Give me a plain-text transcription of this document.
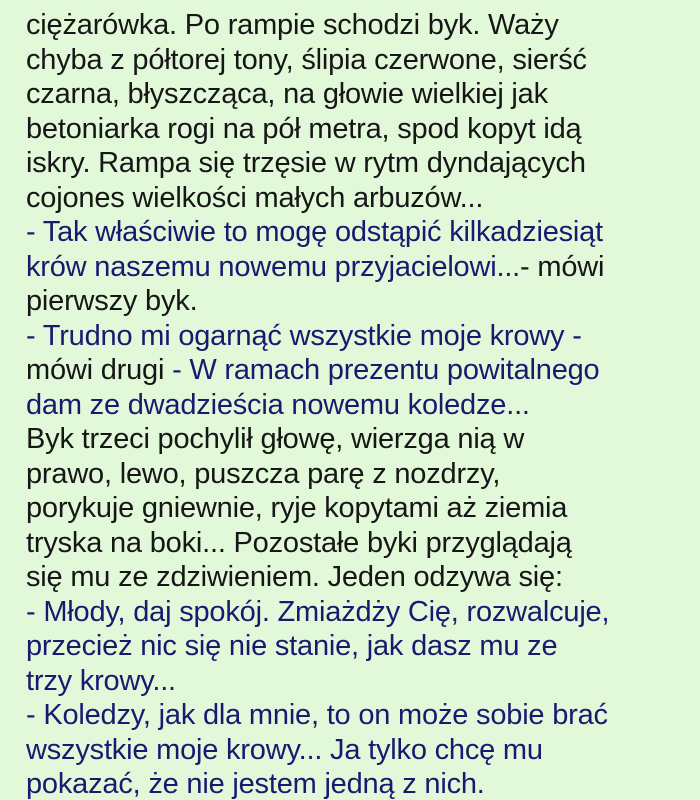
ciężarówka. Po rampie schodzi byk. Waży
chyba z półtorej tony, ślipia czerwone, sierść
czarna, błyszcząca, na głowie wielkiej jak
betoniarka rogi na pół metra, spod kopyt idą
iskry. Rampa się trzęsie w rytm dyndających
cojones wielkości małych arbuzów...
- Tak właściwie to mogę odstąpić kilkadziesiąt
krów naszemu nowemu przyjacielowi...- mówi
pierwszy byk.
- Trudno mi ogarnąć wszystkie moje krowy -
mówi drugi - W ramach prezentu powitalnego
dam ze dwadzieścia nowemu koledze...
Byk trzeci pochylił głowę, wierzga nią w
prawo, lewo, puszcza parę z nozdrzy,
porykuje gniewnie, ryje kopytami aż ziemia
tryska na boki... Pozostałe byki przyglądają
się mu ze zdziwieniem. Jeden odzywa się:
- Młody, daj spokój. Zmiażdży Cię, rozwalcuje,
przecież nic się nie stanie, jak dasz mu ze
trzy krowy...
- Koledzy, jak dla mnie, to on może sobie brać
wszystkie moje krowy... Ja tylko chcę mu
pokazać, że nie jestem jedną z nich.
